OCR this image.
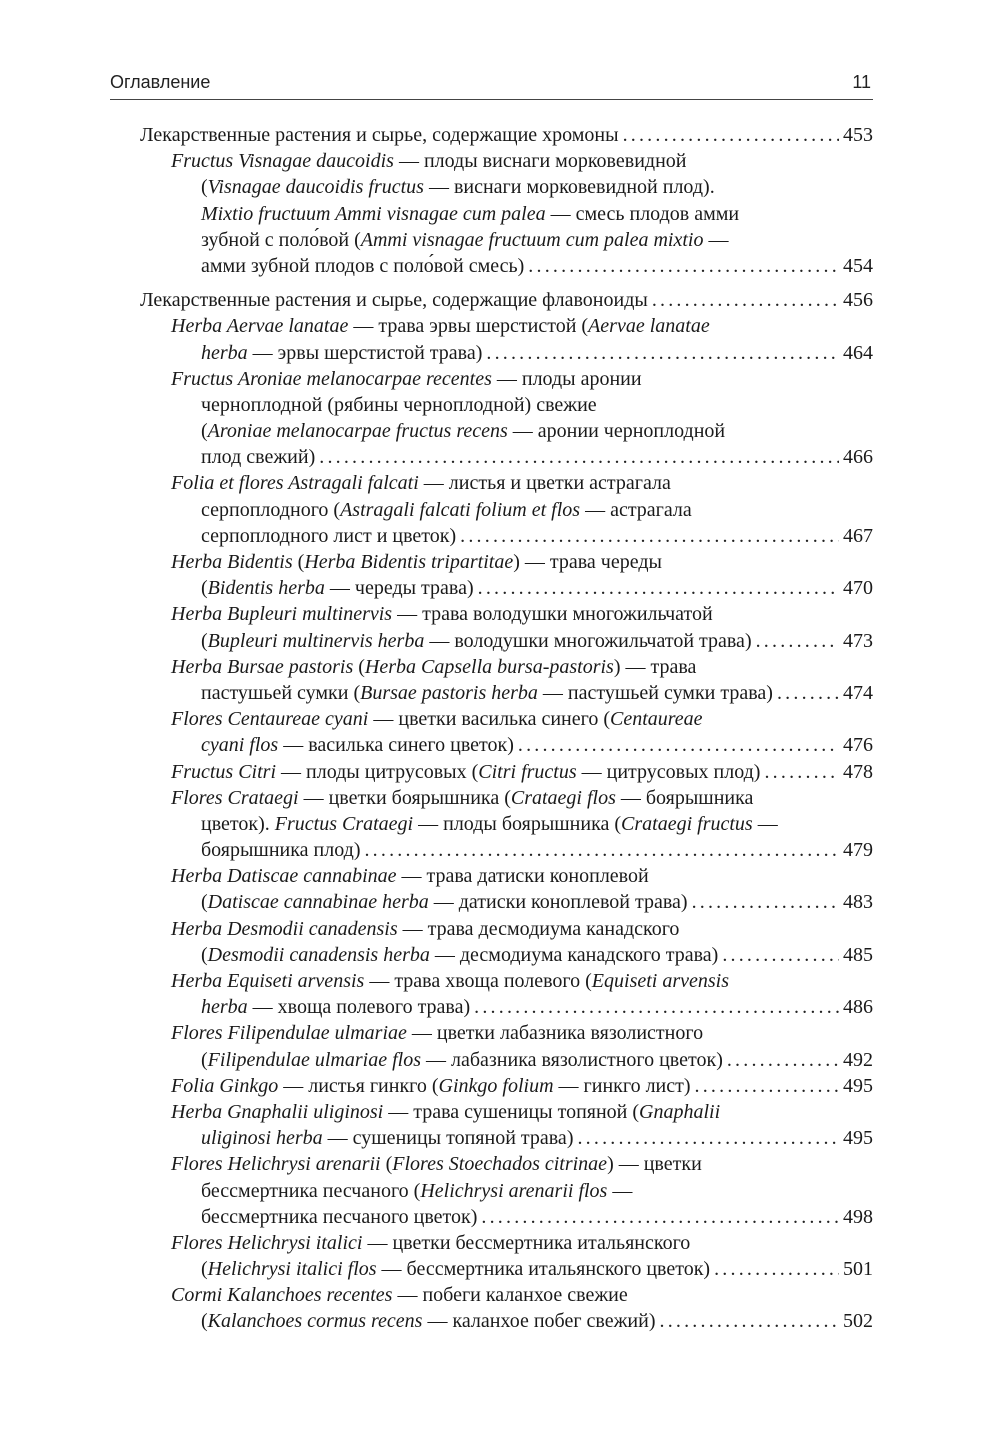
Оглавление	11
Лекарственные растения и сырье, содержащие хромоны .....	453
Fructus Visnagae daucoidis — плоды виснаги морковевидной
(Visnagae daucoidis fructus — виснаги морковевидной плод).
Mixtio fructuum Ammi visnagae cum palea — смесь плодов амми
зубной с поло́вой (Ammi visnagae fructuum cum palea mixtio —
амми зубной плодов с поло́вой смесь) .....	454
Лекарственные растения и сырье, содержащие флавоноиды .....	456
Herba Aervae lanatae — трава эрвы шерстистой (Aervae lanatae
herba — эрвы шерстистой трава) .....	464
Fructus Aroniae melanocarpae recentes — плоды аронии
черноплодной (рябины черноплодной) свежие
(Aroniae melanocarpae fructus recens — аронии черноплодной
плод свежий) .....	466
Folia et flores Astragali falcati — листья и цветки астрагала
серпоплодного (Astragali falcati folium et flos — астрагала
серпоплодного лист и цветок) .....	467
Herba Bidentis (Herba Bidentis tripartitae) — трава череды
(Bidentis herba — череды трава) .....	470
Herba Bupleuri multinervis — трава володушки многожильчатой
(Bupleuri multinervis herba — володушки многожильчатой трава) .....	473
Herba Bursae pastoris (Herba Capsella bursa-pastoris) — трава
пастушьей сумки (Bursae pastoris herba — пастушьей сумки трава) .....	474
Flores Centaureae cyani — цветки василька синего (Centaureae
cyani flos — василька синего цветок) .....	476
Fructus Citri — плоды цитрусовых (Citri fructus — цитрусовых плод) .....	478
Flores Crataegi — цветки боярышника (Crataegi flos — боярышника
цветок). Fructus Crataegi — плоды боярышника (Crataegi fructus —
боярышника плод) .....	479
Herba Datiscae cannabinae — трава датиски коноплевой
(Datiscae cannabinae herba — датиски коноплевой трава) .....	483
Herba Desmodii canadensis — трава десмодиума канадского
(Desmodii canadensis herba — десмодиума канадского трава) .....	485
Herba Equiseti arvensis — трава хвоща полевого (Equiseti arvensis
herba — хвоща полевого трава) .....	486
Flores Filipendulae ulmariae — цветки лабазника вязолистного
(Filipendulae ulmariae flos — лабазника вязолистного цветок) .....	492
Folia Ginkgo — листья гинкго (Ginkgo folium — гинкго лист) .....	495
Herba Gnaphalii uliginosi — трава сушеницы топяной (Gnaphalii
uliginosi herba — сушеницы топяной трава) .....	495
Flores Helichrysi arenarii (Flores Stoechados citrinae) — цветки
бессмертника песчаного (Helichrysi arenarii flos —
бессмертника песчаного цветок) .....	498
Flores Helichrysi italici — цветки бессмертника итальянского
(Helichrysi italici flos — бессмертника итальянского цветок) .....	501
Cormi Kalanchoes recentes — побеги каланхое свежие
(Kalanchoes cormus recens — каланхое побег свежий) .....	502
